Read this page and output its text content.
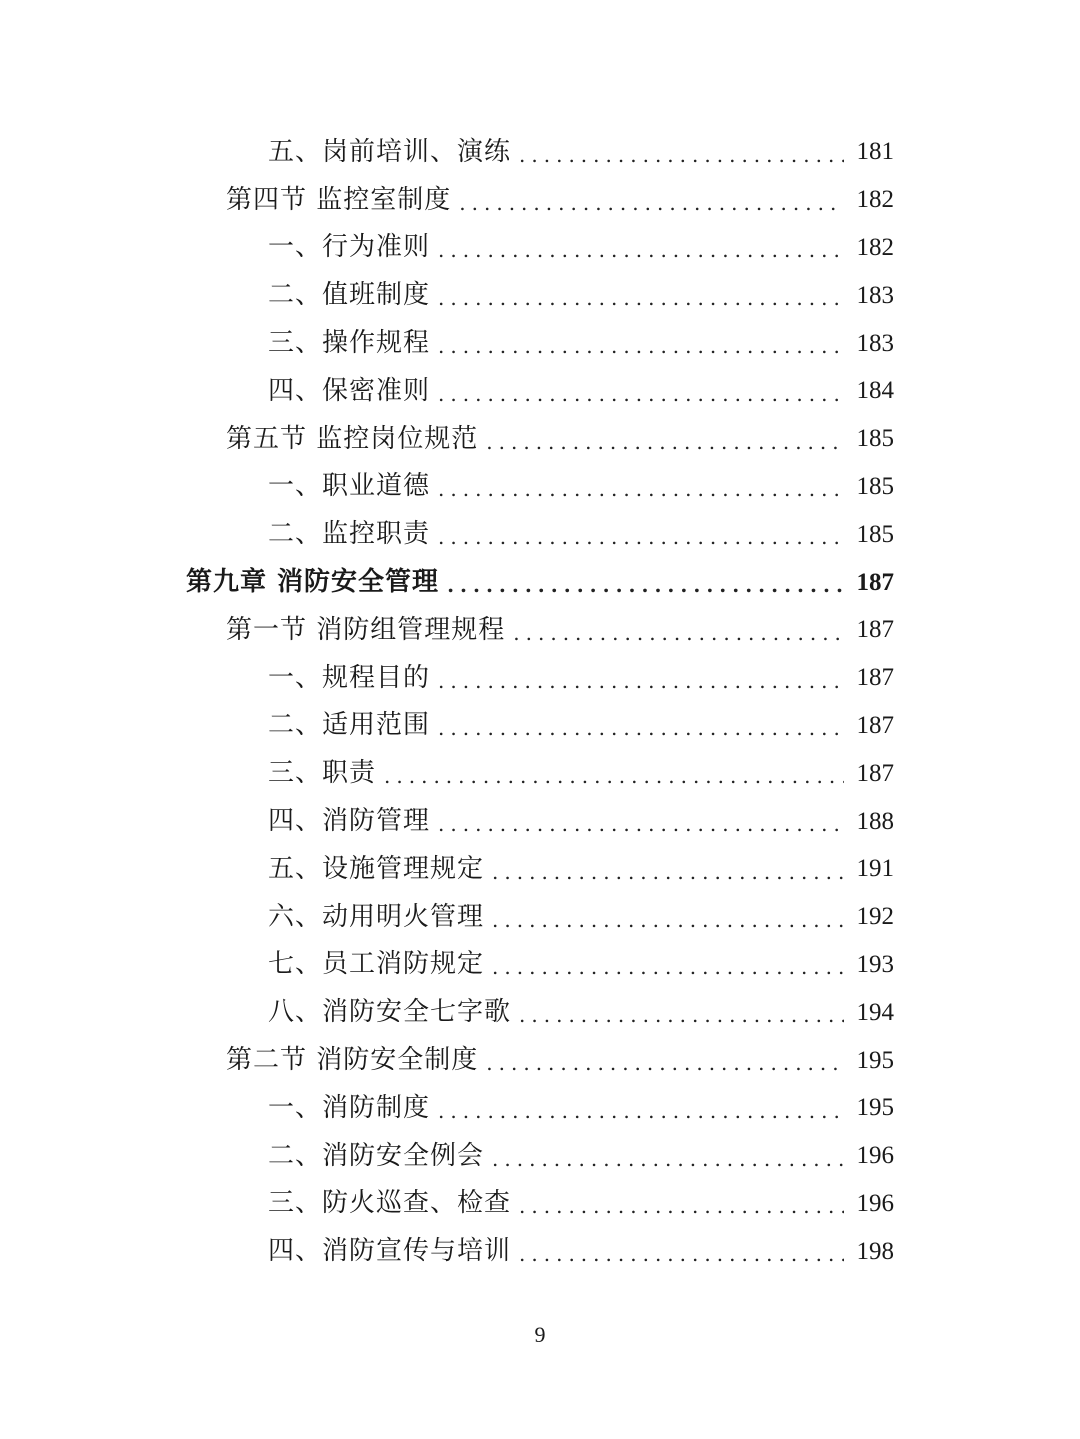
五、岗前培训、演练 .....	181
第四节 监控室制度 .....	182
一、行为准则 .....	182
二、值班制度 .....	183
三、操作规程 .....	183
四、保密准则 .....	184
第五节 监控岗位规范 .....	185
一、职业道德 .....	185
二、监控职责 .....	185
第九章 消防安全管理 .....	187
第一节 消防组管理规程 .....	187
一、规程目的 .....	187
二、适用范围 .....	187
三、职责 .....	187
四、消防管理 .....	188
五、设施管理规定 .....	191
六、动用明火管理 .....	192
七、员工消防规定 .....	193
八、消防安全七字歌 .....	194
第二节 消防安全制度 .....	195
一、消防制度 .....	195
二、消防安全例会 .....	196
三、防火巡查、检查 .....	196
四、消防宣传与培训 .....	198
9
